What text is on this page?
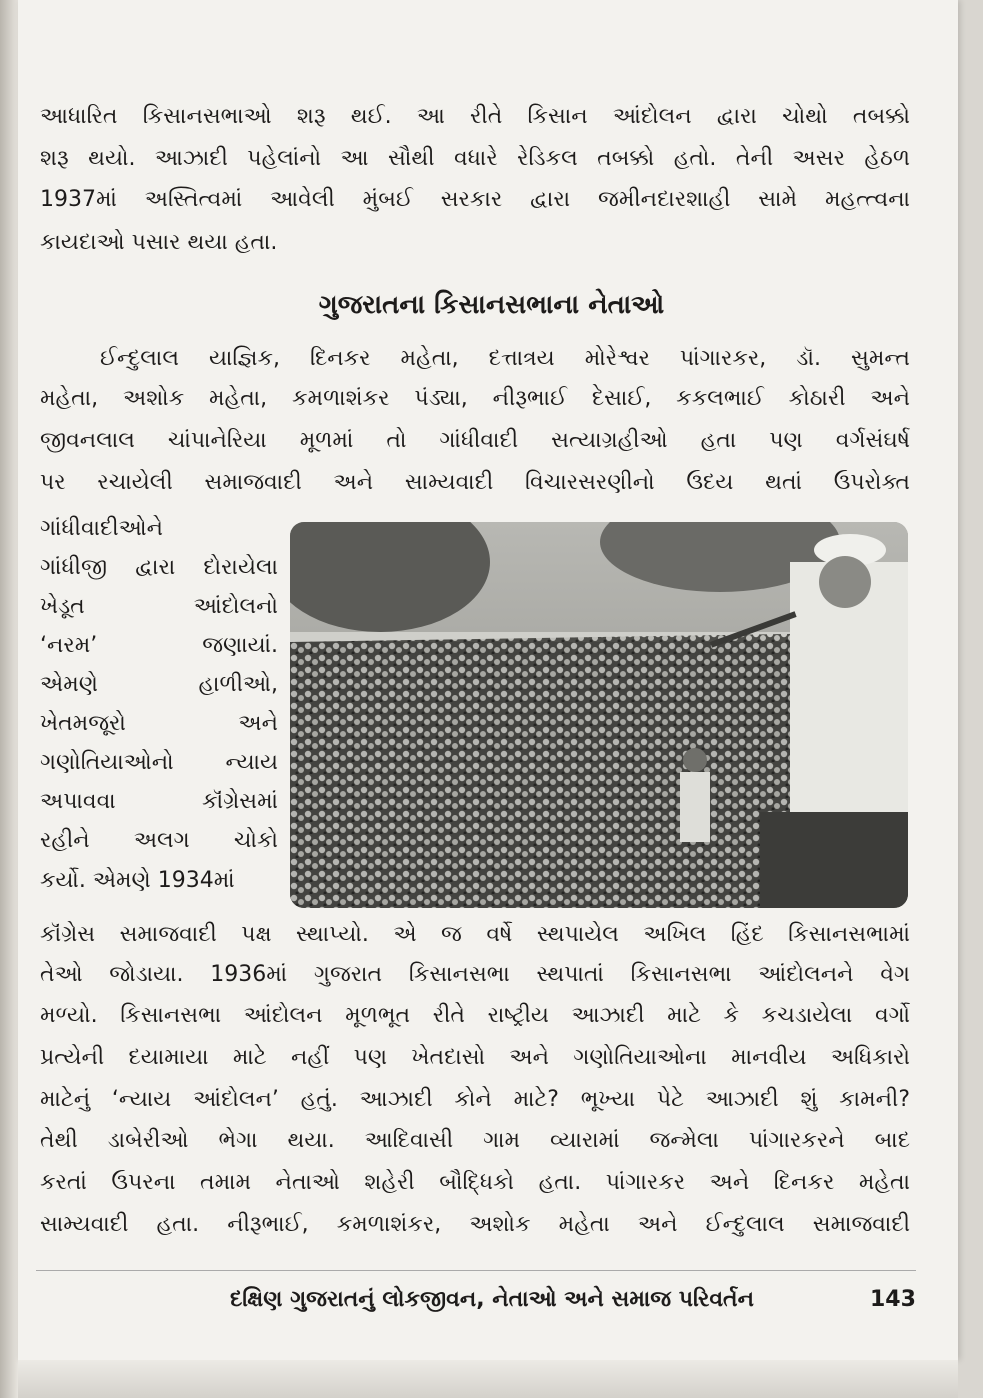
આધારિત કિસાનસભાઓ શરૂ થઈ. આ રીતે કિસાન આંદોલન દ્વારા ચોથો તબક્કો
શરૂ થયો. આઝાદી પહેલાંનો આ સૌથી વધારે રેડિકલ તબક્કો હતો. તેની અસર હેઠળ
1937માં અસ્તિત્વમાં આવેલી મુંબઈ સરકાર દ્વારા જમીનદારશાહી સામે મહત્ત્વના
કાયદાઓ પસાર થયા હતા.
ગુજરાતના કિસાનસભાના નેતાઓ
ઈન્દુલાલ યાજ્ઞિક, દિનકર મહેતા, દત્તાત્રય મોરેશ્વર પાંગારકર, ડૉ. સુમન્ત
મહેતા, અશોક મહેતા, કમળાશંકર પંડ્યા, નીરૂભાઈ દેસાઈ, કકલભાઈ કોઠારી અને
જીવનલાલ ચાંપાનેરિયા મૂળમાં તો ગાંધીવાદી સત્યાગ્રહીઓ હતા પણ વર્ગસંઘર્ષ
પર રચાયેલી સમાજવાદી અને સામ્યવાદી વિચારસરણીનો ઉદય થતાં ઉપરોક્ત
ગાંધીવાદીઓને
ગાંધીજી દ્વારા દોરાયેલા
ખેડૂત આંદોલનો
‘નરમ’ જણાયાં.
એમણે હાળીઓ,
ખેતમજૂરો અને
ગણોતિયાઓનો ન્યાય
અપાવવા કૉંગ્રેસમાં
રહીને અલગ ચોકો
કર્યો. એમણે 1934માં
કૉંગ્રેસ સમાજવાદી પક્ષ સ્થાપ્યો. એ જ વર્ષે સ્થપાયેલ અખિલ હિંદ કિસાનસભામાં
તેઓ જોડાયા. 1936માં ગુજરાત કિસાનસભા સ્થપાતાં કિસાનસભા આંદોલનને વેગ
મળ્યો. કિસાનસભા આંદોલન મૂળભૂત રીતે રાષ્ટ્રીય આઝાદી માટે કે કચડાયેલા વર્ગો
પ્રત્યેની દયામાયા માટે નહીં પણ ખેતદાસો અને ગણોતિયાઓના માનવીય અધિકારો
માટેનું ‘ન્યાય આંદોલન’ હતું. આઝાદી કોને માટે? ભૂખ્યા પેટે આઝાદી શું કામની?
તેથી ડાબેરીઓ ભેગા થયા. આદિવાસી ગામ વ્યારામાં જન્મેલા પાંગારકરને બાદ
કરતાં ઉપરના તમામ નેતાઓ શહેરી બૌદ્ધિકો હતા. પાંગારકર અને દિનકર મહેતા
સામ્યવાદી હતા. નીરૂભાઈ, કમળાશંકર, અશોક મહેતા અને ઈન્દુલાલ સમાજવાદી
દક્ષિણ ગુજરાતનું લોકજીવન, નેતાઓ અને સમાજ પરિવર્તન	143
